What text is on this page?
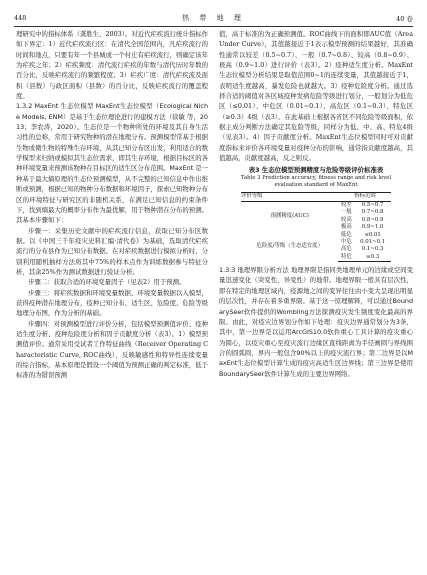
448	热 带 地 理	40 卷

理研究中的指标体系（龚胜生，2003）。对近代疟疾流行统计指标作如下界定：1）近代疟疾流行区：在清代全国范围内，凡疟疾流行的时间和地点，只要有年一个县城或一个村庄有疟疾流行，则确定该年为疟疾之年；2）疟疾频度：清代流行疟疾的年数与清代历时年数的百分比，反映疟疾流行的频繁程度；3）疟疾广度：清代疟疾流及面积（县数）与政区面积（县数）的百分比，反映疟疾流行的覆盖程度。

1.3.2 MaxEnt 生态位模型 MaxEnt生态位模型（Ecological Niche Models, ENM）是基于生态位理论进行的建模方法（徐敏 等，2013；李农涛，2020）。生态位是一个物种所处的环境及其自身生活习性的总称，常用于研究物种的潜在地理分布。预测模型常基于根据生物或微生物的特殊生存环境，从其已知分布区出发，利用适合的数学模型来归纳或模拟其生态位需求，即其生存环境，根据目标区的各种环境变量来预测该物种在目标区的适生区分布范围。MaxEnt 是一种基于最大熵原理的生态位预测模型，从不完整的已知信息中作出推断或预测，根据已知的物种分布数据和环境因子，探索已知物种分布区的环境特征与研究区的非随机关系，在满足已知信息的约束条件下，找到熵最大的概率分布作为最优解，用于物种潜在分布的预测。其基本步骤如下：

步骤一：采集历史文献中的疟疾流行信息，获取已知分布区数据。以《中国三千年疫灾史料汇编·清代卷》为基础，选取清代疟疾流行的分布县作为已知分布数据。在对疟疾数据进行模拟分析时，分别利用随机抽样方法将其中75%的样本点作为训练数据参与特征分析，其余25%作为测试数据进行验证分析。

步骤二：获取合适的环境变量因子（见表2）用于预测。

步骤三：将疟疾数据和环境变量数据、环境变量数据以入模型，获得疫种潜在地理分布，疫种已知分布、适生区、危险度、危险等级地理分布图，作为分析的基础。

步骤四：对预测模型进行评价分析，包括模型预测值评价、疫种适生度分析、疫种危险度分析和因子贡献度分析（表3）。1）模型预测值评价。通常采用受试者工作特征曲线（Receiver Operating Characteristic Curve, ROC曲线），反映敏感性和特异性连续变量的综合指标，基本原理是假设一个阈值为预测正确的判定标准，低于标准的为错误预测

值，高于标准的为正确预测值。ROC曲线下的面积即AUC值（Area Under Curve），其值越接近于1表示模型预测的结果越好，其准确性通常以较差（0.5~0.7）、一般（0.7~0.8）、较高（0.8~0.9）、极高（0.9~1.0）进行评价（表3）。2）疫种适生度分析。MaxEnt生态位模型分析结果是取值范围0~1的连续变量，其值越接近于1，表明适生度越高，暴发危险也就越大。3）疫种危险度分析。通过选择合适的阈值对各区域疫种发病危险等级进行划分，一般划分为低危区（≤0.01）、中危区（0.01~0.1）、高危区（0.1~0.3）、特危区（≥0.3）4级（表3）。在此基础上根据各省区不同危险等级面积，依据主成分判断方法确定其危险等级，同样分为低、中、高、特危4级（见表3）。4）因子贡献度分析。MaxEnt生态位模型同时可对贡献度指标来评价各环境变量对疫种分布的影响，通常指贡献度越高，其值越高，贡献度越高，反之则反。

表3 生态位模型预测精度与危险等级评价标准表
Table 3 Prediction accuracy, fitness range and risk level
evaluation standard of MaxEnt
评价等级		指标范围
预测精度(AUC)	较差	0.5~0.7
	一般	0.7~0.8
	较高	0.8~0.9
	极高	0.9~1.0
危险度/等级（生态适宜度）	低危	≤0.01
	中危	0.01~0.1
	高危	0.1~0.3
	特危	≥0.3

1.3.3 地理界限分析方法 地理界限是指同类地理单元的边缘或空间变量迅速变化（突变性、异变性）的地带。地理界限一般具有层次性，即在特定的地理区域内，疫源地之间的变异往往由小变大呈现出明显的层次性，并存在着多重界限。基于这一原理解释，可以通过BoundarySeer软件提供的Wombling方法探测疫灾发生频度变化最高的界限。由此，对疫灾边界划分作如下处理：疫灾边界通常划分为3条，其中，第一边界是以运用ArcGIS10.0软件重心工具计算的疫灾重心为圆心，以疫灾重心至疫灾流行边缘区直线距离为半径画圆与界线围合的圆弧圆，界内一般包含90%以上的疫灾流行界；第二边界是以MaxEnt生态位模型计算生成的疫灾高适生区边界线；第三边界是使用BoundarySeer软件计算生成的主要边界网络。
